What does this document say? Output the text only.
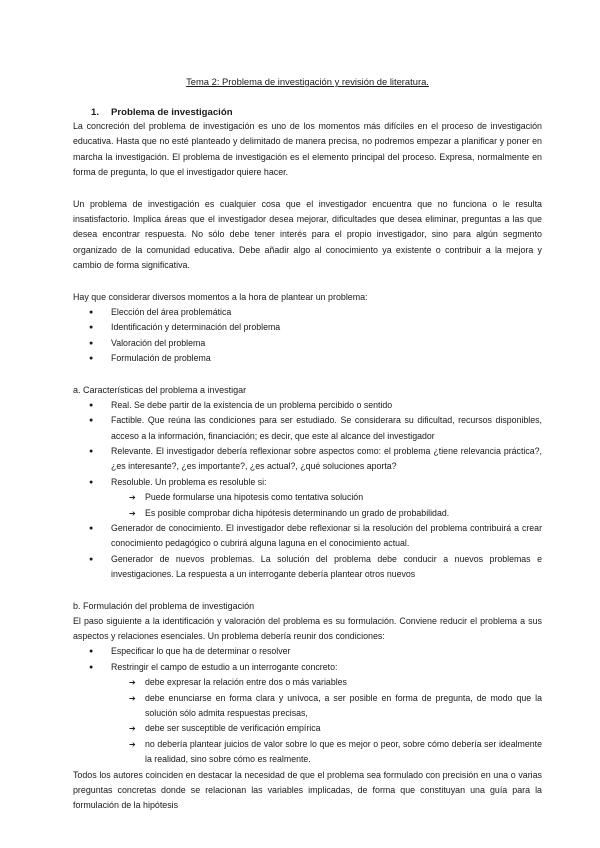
Tema 2: Problema de investigación y revisión de literatura.
1. Problema de investigación

La concreción del problema de investigación es uno de los momentos más difíciles en el proceso de investigación educativa. Hasta que no esté planteado y delimitado de manera precisa, no podremos empezar a planificar y poner en marcha la investigación. El problema de investigación es el elemento principal del proceso. Expresa, normalmente en forma de pregunta, lo que el investigador quiere hacer.

Un problema de investigación es cualquier cosa que el investigador encuentra que no funciona o le resulta insatisfactorio. Implica áreas que el investigador desea mejorar, dificultades que desea eliminar, preguntas a las que desea encontrar respuesta. No sólo debe tener interés para el propio investigador, sino para algún segmento organizado de la comunidad educativa. Debe añadir algo al conocimiento ya existente o contribuir a la mejora y cambio de forma significativa.

Hay que considerar diversos momentos a la hora de plantear un problema:

● Elección del área problemática
● Identificación y determinación del problema
● Valoración del problema
● Formulación de problema

a. Características del problema a investigar

● Real. Se debe partir de la existencia de un problema percibido o sentido
● Factible. Que reúna las condiciones para ser estudiado. Se considerara su dificultad, recursos disponibles, acceso a la información, financiación; es decir, que este al alcance del investigador
● Relevante. El investigador debería reflexionar sobre aspectos como: el problema ¿tiene relevancia práctica?, ¿es interesante?, ¿es importante?, ¿es actual?, ¿qué soluciones aporta?
● Resoluble. Un problema es resoluble si:
➔ Puede formularse una hipotesis como tentativa solución
➔ Es posible comprobar dicha hipótesis determinando un grado de probabilidad.
● Generador de conocimiento. El investigador debe reflexionar si la resolución del problema contribuirá a crear conocimiento pedagógico o cubrirá alguna laguna en el conocimiento actual.
● Generador de nuevos problemas. La solución del problema debe conducir a nuevos problemas e investigaciones. La respuesta a un interrogante debería plantear otros nuevos

b. Formulación del problema de investigación

El paso siguiente a la identificación y valoración del problema es su formulación. Conviene reducir el problema a sus aspectos y relaciones esenciales. Un problema debería reunir dos condiciones:

● Especificar lo que ha de determinar o resolver
● Restringir el campo de estudio a un interrogante concreto:
➔ debe expresar la relación entre dos o más variables
➔ debe enunciarse en forma clara y unívoca, a ser posible en forma de pregunta, de modo que la solución sólo admita respuestas precisas,
➔ debe ser susceptible de verificación empírica
➔ no debería plantear juicios de valor sobre lo que es mejor o peor, sobre cómo debería ser idealmente la realidad, sino sobre cómo es realmente.

Todos los autores coinciden en destacar la necesidad de que el problema sea formulado con precisión en una o varias preguntas concretas donde se relacionan las variables implicadas, de forma que constituyan una guía para la formulación de la hipótesis
